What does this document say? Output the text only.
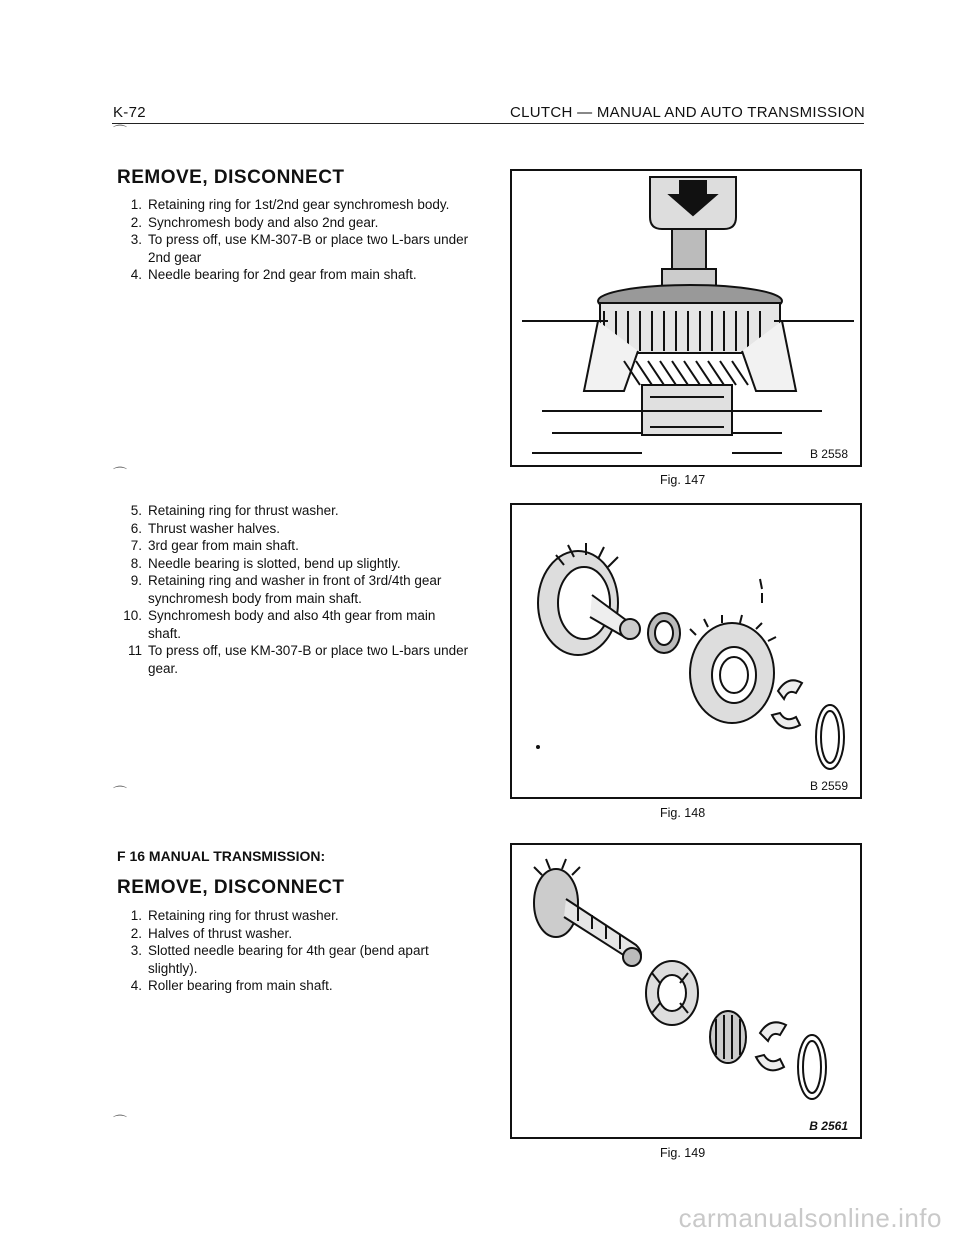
K-72	CLUTCH — MANUAL AND AUTO TRANSMISSION
REMOVE, DISCONNECT
1. Retaining ring for 1st/2nd gear synchromesh body.
2. Synchromesh body and also 2nd gear.
3. To press off, use KM-307-B or place two L-bars under 2nd gear
4. Needle bearing for 2nd gear from main shaft.
5. Retaining ring for thrust washer.
6. Thrust washer halves.
7. 3rd gear from main shaft.
8. Needle bearing is slotted, bend up slightly.
9. Retaining ring and washer in front of 3rd/4th gear synchromesh body from main shaft.
10. Synchromesh body and also 4th gear from main shaft.
11 To press off, use KM-307-B or place two L-bars under gear.
F 16 MANUAL TRANSMISSION:
REMOVE, DISCONNECT
1. Retaining ring for thrust washer.
2. Halves of thrust washer.
3. Slotted needle bearing for 4th gear (bend apart slightly).
4. Roller bearing from main shaft.
⌒
⌒
⌒
⌒
B 2558
Fig. 147
B 2559
Fig. 148
B 2561
Fig. 149
carmanualsonline.info
